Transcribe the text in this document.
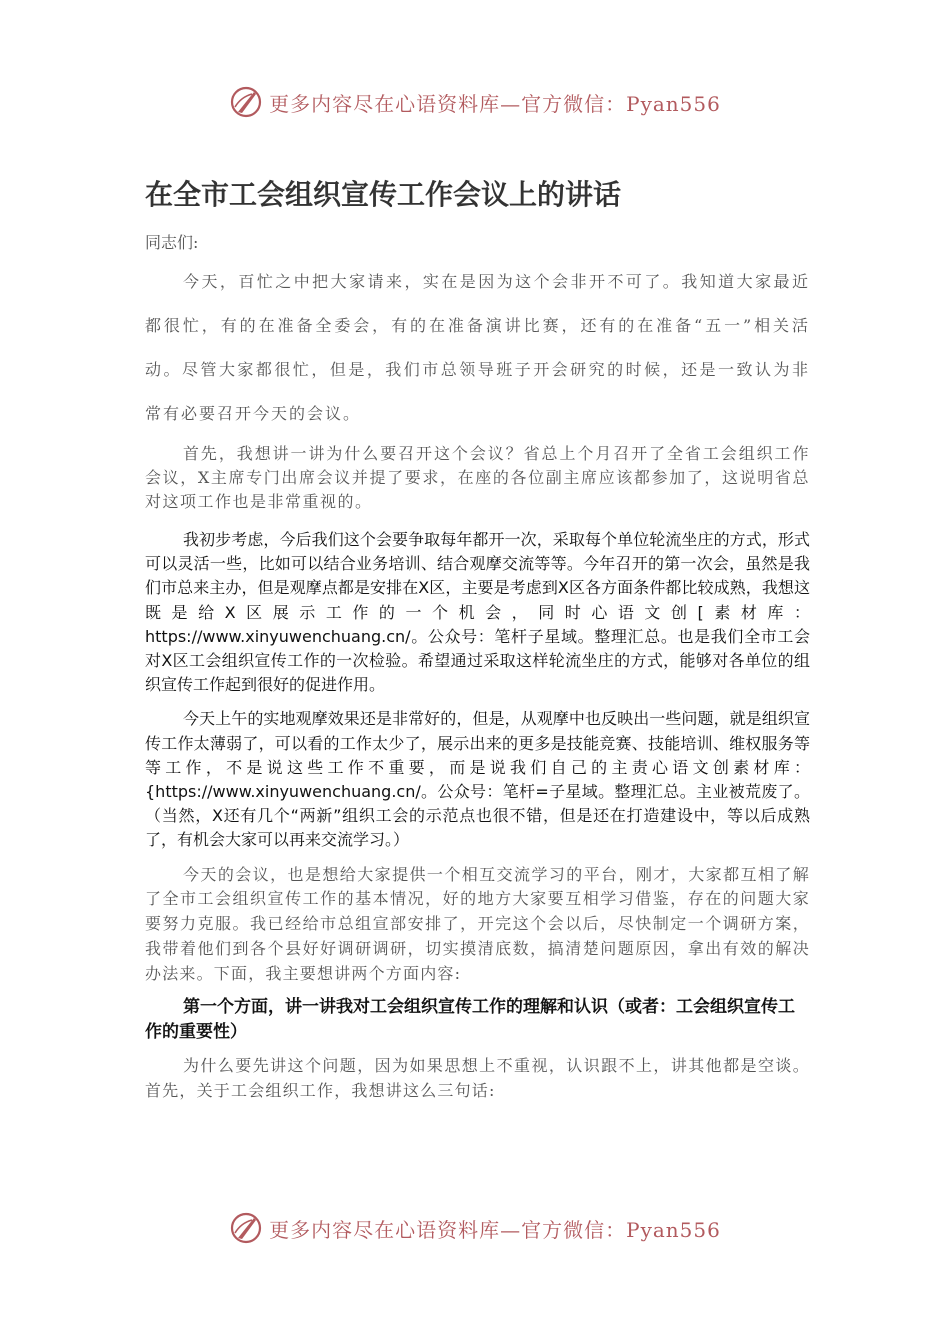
更多内容尽在心语资料库—官方微信：Pyan556
在全市工会组织宣传工作会议上的讲话

同志们:

今天，百忙之中把大家请来，实在是因为这个会非开不可了。我知道大家最近都很忙，有的在准备全委会，有的在准备演讲比赛，还有的在准备“五一”相关活动。尽管大家都很忙，但是，我们市总领导班子开会研究的时候，还是一致认为非常有必要召开今天的会议。

首先，我想讲一讲为什么要召开这个会议？省总上个月召开了全省工会组织工作会议，X主席专门出席会议并提了要求，在座的各位副主席应该都参加了，这说明省总对这项工作也是非常重视的。

我初步考虑，今后我们这个会要争取每年都开一次，采取每个单位轮流坐庄的方式，形式可以灵活一些，比如可以结合业务培训、结合观摩交流等等。今年召开的第一次会，虽然是我们市总来主办，但是观摩点都是安排在X区，主要是考虑到X区各方面条件都比较成熟，我想这既是给X区展示工作的一个机会，同时心语文创[素材库：https://www.xinyuwenchuang.cn/。公众号：笔杆子星域。整理汇总。也是我们全市工会对X区工会组织宣传工作的一次检验。希望通过采取这样轮流坐庄的方式，能够对各单位的组织宣传工作起到很好的促进作用。

今天上午的实地观摩效果还是非常好的，但是，从观摩中也反映出一些问题，就是组织宣传工作太薄弱了，可以看的工作太少了，展示出来的更多是技能竞赛、技能培训、维权服务等等工作，不是说这些工作不重要，而是说我们自己的主责心语文创素材库：{https://www.xinyuwenchuang.cn/。公众号：笔杆=子星域。整理汇总。主业被荒废了。（当然，X还有几个“两新”组织工会的示范点也很不错，但是还在打造建设中，等以后成熟了，有机会大家可以再来交流学习。）

今天的会议，也是想给大家提供一个相互交流学习的平台，刚才，大家都互相了解了全市工会组织宣传工作的基本情况，好的地方大家要互相学习借鉴，存在的问题大家要努力克服。我已经给市总组宣部安排了，开完这个会以后，尽快制定一个调研方案，我带着他们到各个县好好调研调研，切实摸清底数，搞清楚问题原因，拿出有效的解决办法来。下面，我主要想讲两个方面内容:

第一个方面，讲一讲我对工会组织宣传工作的理解和认识（或者：工会组织宣传工作的重要性）

为什么要先讲这个问题，因为如果思想上不重视，认识跟不上，讲其他都是空谈。首先，关于工会组织工作，我想讲这么三句话:

更多内容尽在心语资料库—官方微信：Pyan556
